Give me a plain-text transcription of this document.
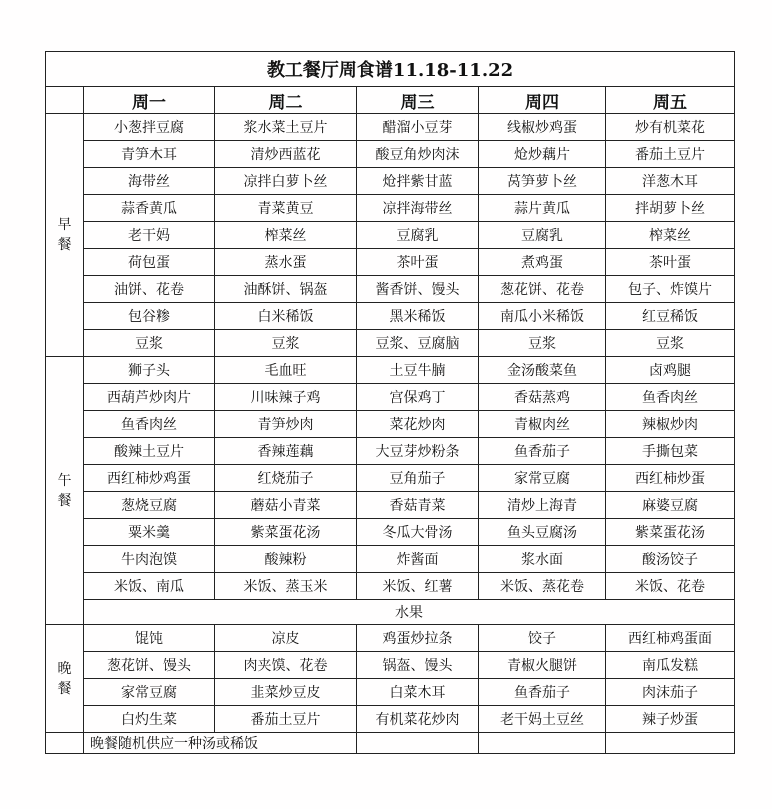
教工餐厅周食谱11.18-11.22					
	周一	周二	周三	周四	周五
早
餐	小葱拌豆腐	浆水菜土豆片	醋溜小豆芽	线椒炒鸡蛋	炒有机菜花
	青笋木耳	清炒西蓝花	酸豆角炒肉沫	炝炒藕片	番茄土豆片
	海带丝	凉拌白萝卜丝	炝拌紫甘蓝	莴笋萝卜丝	洋葱木耳
	蒜香黄瓜	青菜黄豆	凉拌海带丝	蒜片黄瓜	拌胡萝卜丝
	老干妈	榨菜丝	豆腐乳	豆腐乳	榨菜丝
	荷包蛋	蒸水蛋	茶叶蛋	煮鸡蛋	茶叶蛋
	油饼、花卷	油酥饼、锅盔	酱香饼、馒头	葱花饼、花卷	包子、炸馍片
	包谷糁	白米稀饭	黑米稀饭	南瓜小米稀饭	红豆稀饭
	豆浆	豆浆	豆浆、豆腐脑	豆浆	豆浆
午
餐	狮子头	毛血旺	土豆牛腩	金汤酸菜鱼	卤鸡腿
	西葫芦炒肉片	川味辣子鸡	宫保鸡丁	香菇蒸鸡	鱼香肉丝
	鱼香肉丝	青笋炒肉	菜花炒肉	青椒肉丝	辣椒炒肉
	酸辣土豆片	香辣莲藕	大豆芽炒粉条	鱼香茄子	手撕包菜
	西红柿炒鸡蛋	红烧茄子	豆角茄子	家常豆腐	西红柿炒蛋
	葱烧豆腐	蘑菇小青菜	香菇青菜	清炒上海青	麻婆豆腐
	粟米羹	紫菜蛋花汤	冬瓜大骨汤	鱼头豆腐汤	紫菜蛋花汤
	牛肉泡馍	酸辣粉	炸酱面	浆水面	酸汤饺子
	米饭、南瓜	米饭、蒸玉米	米饭、红薯	米饭、蒸花卷	米饭、花卷
	水果				
晚
餐	馄饨	凉皮	鸡蛋炒拉条	饺子	西红柿鸡蛋面
	葱花饼、馒头	肉夹馍、花卷	锅盔、馒头	青椒火腿饼	南瓜发糕
	家常豆腐	韭菜炒豆皮	白菜木耳	鱼香茄子	肉沫茄子
	白灼生菜	番茄土豆片	有机菜花炒肉	老干妈土豆丝	辣子炒蛋
	晚餐随机供应一种汤或稀饭				
